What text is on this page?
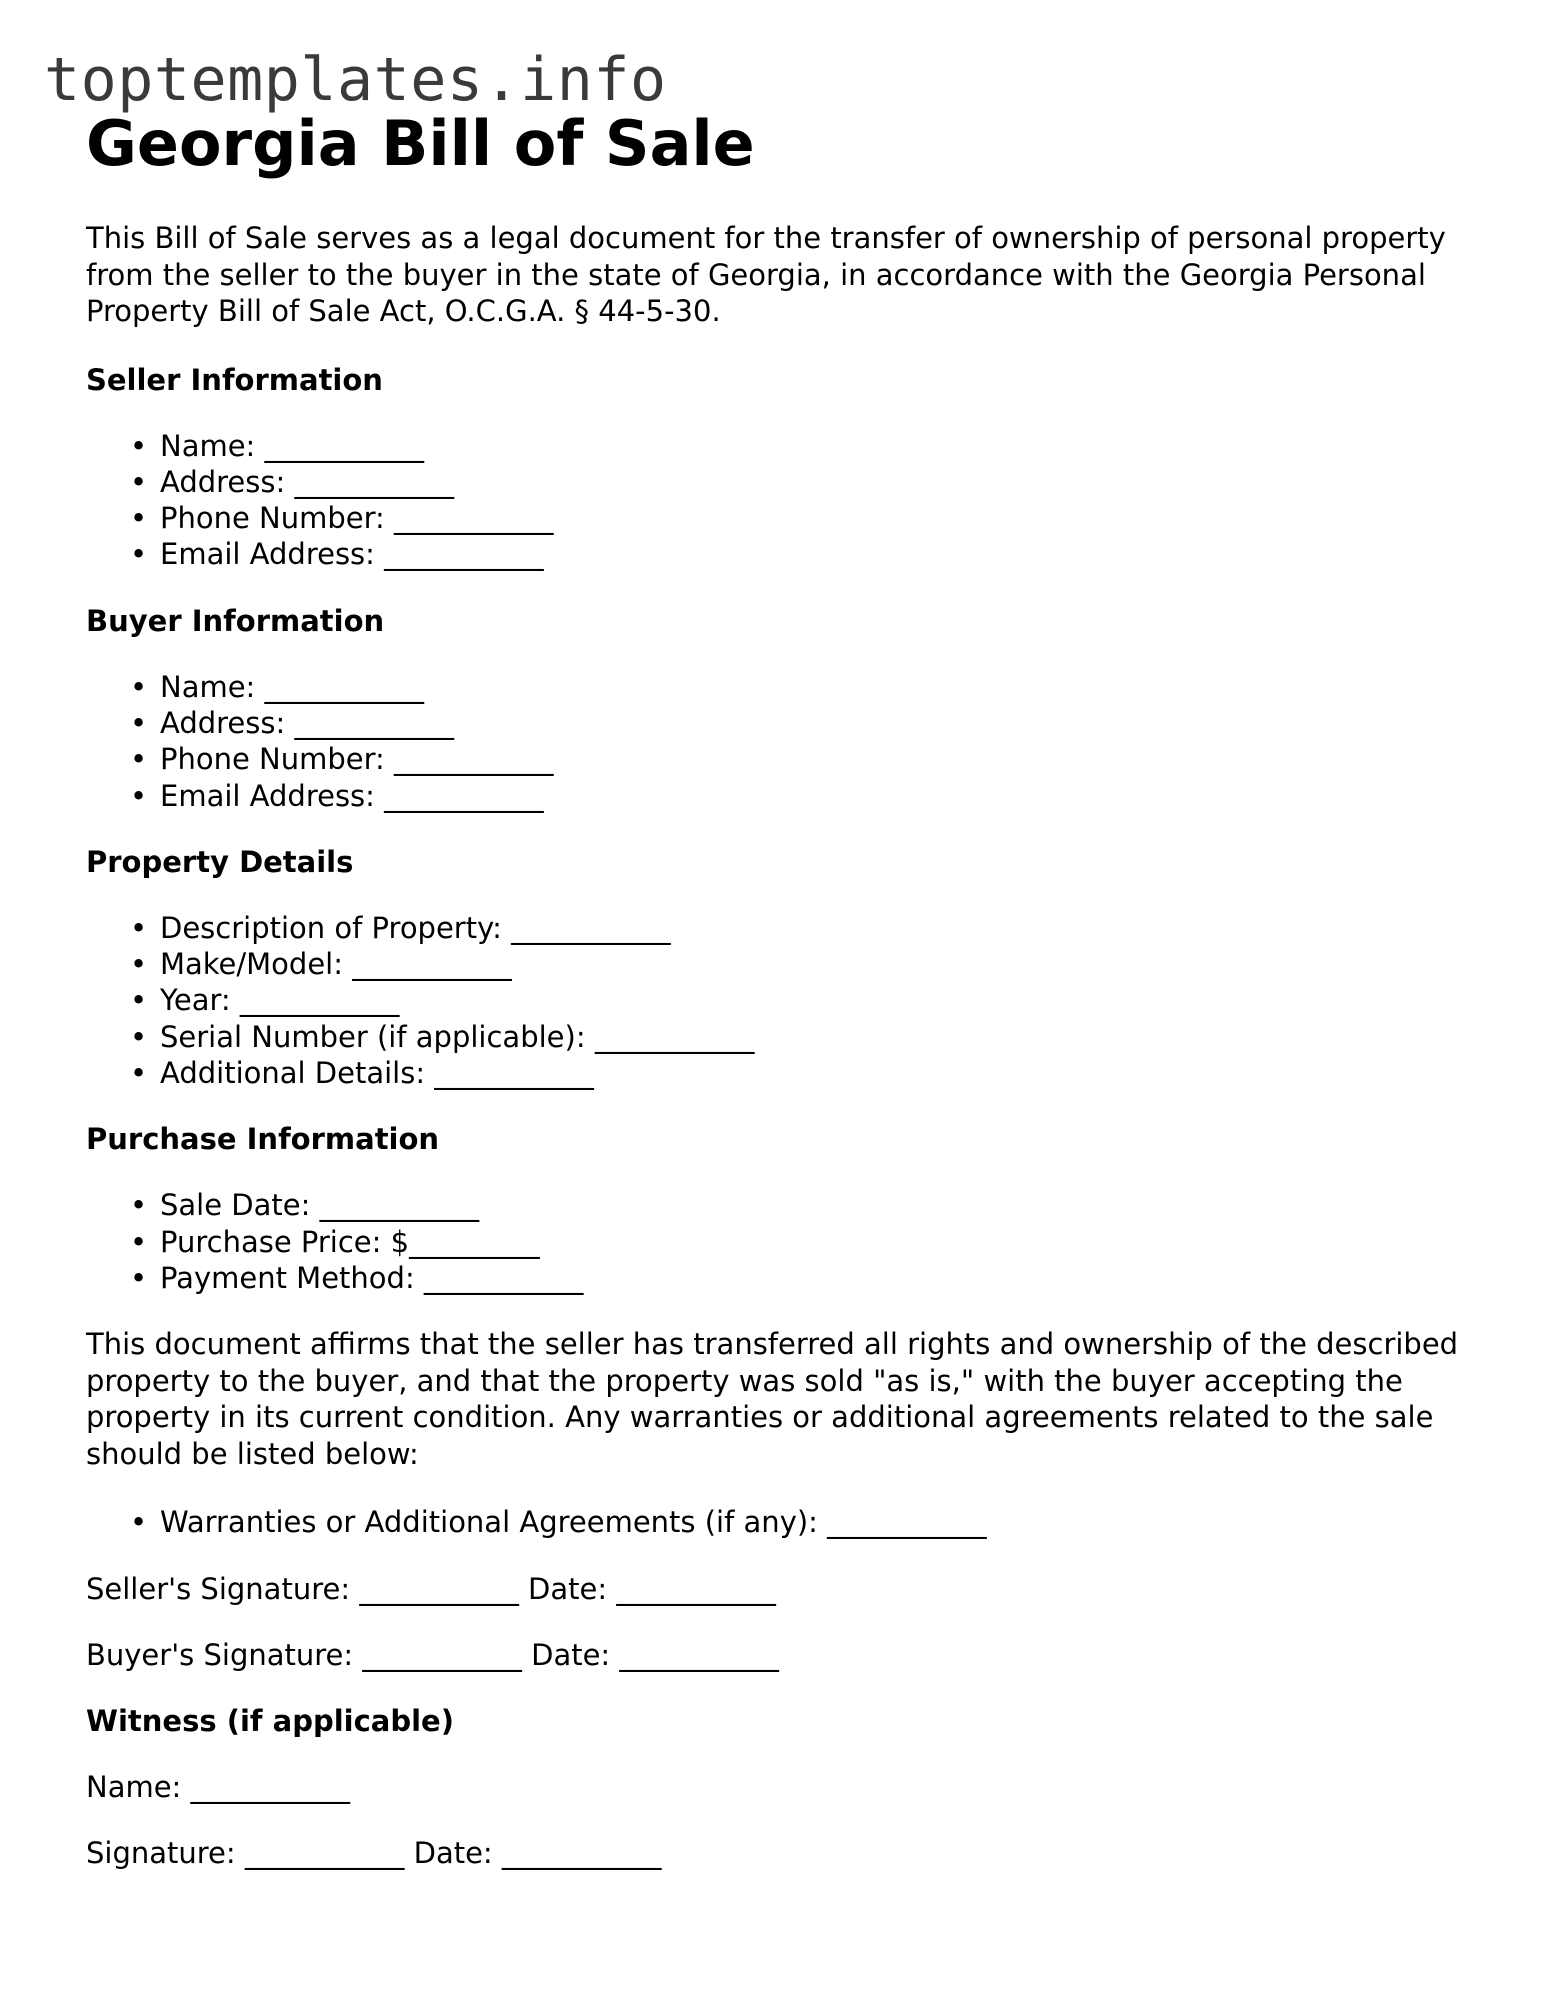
toptemplates.info
Georgia Bill of Sale

This Bill of Sale serves as a legal document for the transfer of ownership of personal property from the seller to the buyer in the state of Georgia, in accordance with the Georgia Personal Property Bill of Sale Act, O.C.G.A. § 44-5-30.

Seller Information
• Name: ___________
• Address: ___________
• Phone Number: ___________
• Email Address: ___________
Buyer Information
• Name: ___________
• Address: ___________
• Phone Number: ___________
• Email Address: ___________
Property Details
• Description of Property: ___________
• Make/Model: ___________
• Year: ___________
• Serial Number (if applicable): ___________
• Additional Details: ___________
Purchase Information
• Sale Date: ___________
• Purchase Price: $_________
• Payment Method: ___________

This document affirms that the seller has transferred all rights and ownership of the described property to the buyer, and that the property was sold "as is," with the buyer accepting the property in its current condition. Any warranties or additional agreements related to the sale should be listed below:

• Warranties or Additional Agreements (if any): ___________
Seller's Signature: ___________ Date: ___________
Buyer's Signature: ___________ Date: ___________
Witness (if applicable)
Name: ___________
Signature: ___________ Date: ___________
